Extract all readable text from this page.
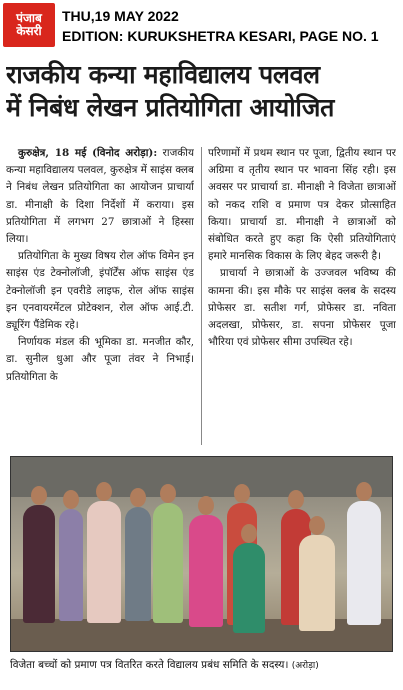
पंजाब
केसरी
THU,19 MAY 2022
EDITION: KURUKSHETRA KESARI, PAGE NO. 1
राजकीय कन्या महाविद्यालय पलवल
में निबंध लेखन प्रतियोगिता आयोजित

कुरुक्षेत्र, 18 मई (विनोद अरोड़ा): राजकीय कन्या महाविद्यालय पलवल, कुरुक्षेत्र में साइंस क्लब ने निबंध लेखन प्रतियोगिता का आयोजन प्राचार्या डा. मीनाक्षी के दिशा निर्देशों में कराया। इस प्रतियोगिता में लगभग 27 छात्राओं ने हिस्सा लिया।

प्रतियोगिता के मुख्य विषय रोल ऑफ विमेन इन साइंस एंड टेक्नोलॉजी, इंपॉर्टेंस ऑफ साइंस एंड टेक्नोलॉजी इन एवरीडे लाइफ, रोल ऑफ साइंस इन एनवायरमेंटल प्रोटेक्शन, रोल ऑफ आई.टी. ड्यूरिंग पैंडेमिक रहे।

निर्णायक मंडल की भूमिका डा. मनजीत कौर, डा. सुनील धुआ और पूजा तंवर ने निभाई। प्रतियोगिता के

परिणामों में प्रथम स्थान पर पूजा, द्वितीय स्थान पर अग्रिमा व तृतीय स्थान पर भावना सिंह रही। इस अवसर पर प्राचार्या डा. मीनाक्षी ने विजेता छात्राओं को नकद राशि व प्रमाण पत्र देकर प्रोत्साहित किया। प्राचार्या डा. मीनाक्षी ने छात्राओं को संबोधित करते हुए कहा कि ऐसी प्रतियोगिताएं हमारे मानसिक विकास के लिए बेहद जरूरी है।

प्राचार्या ने छात्राओं के उज्जवल भविष्य की कामना की। इस मौके पर साइंस क्लब के सदस्य प्रोफेसर डा. सतीश गर्ग, प्रोफेसर डा. नविता अदलखा, प्रोफेसर, डा. सपना प्रोफेसर पूजा भौरिया एवं प्रोफेसर सीमा उपस्थित रहे।

विजेता बच्चों को प्रमाण पत्र वितरित करते विद्यालय प्रबंध समिति के सदस्य। (अरोड़ा)
